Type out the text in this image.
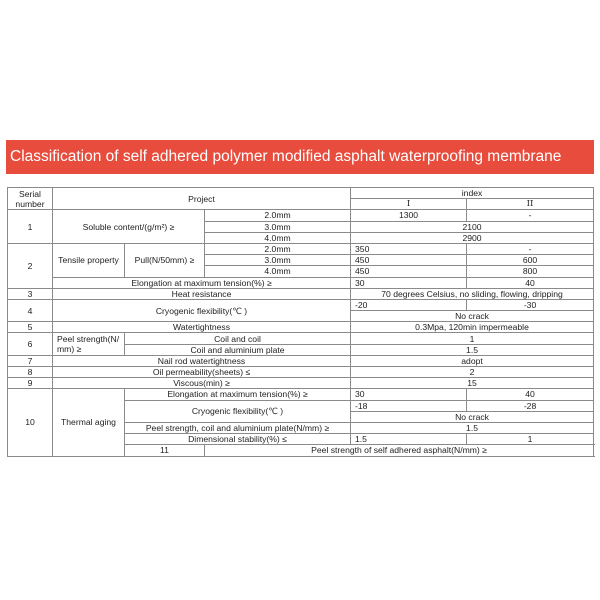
Classification of self adhered polymer modified asphalt waterproofing membrane
Serial number	Project			index		
				I	II	
1	Soluble content/(g/m²) ≥		2.0mm	1300	-	
			3.0mm	2100		
			4.0mm	2900		
2	Tensile property	Pull(N/50mm) ≥	2.0mm	350	-	
			3.0mm	450	600	
			4.0mm	450	800	
	Elongation at maximum tension(%) ≥			30	40	
3	Heat resistance			70 degrees Celsius, no sliding, flowing, dripping		
4	Cryogenic flexibility(℃ )			-20	-30	
				No crack		
5	Watertightness			0.3Mpa, 120min impermeable		
6	Peel strength(N/ mm) ≥	Coil and coil		1		
		Coil and aluminium plate		1.5		
7	Nail rod watertightness			adopt		
8	Oil permeability(sheets) ≤			2		
9	Viscous(min) ≥			15		
10	Thermal aging	Elongation at maximum tension(%) ≥		30	40	
		Cryogenic flexibility(℃ )		-18	-28	
				No crack		
		Peel strength, coil and aluminium plate(N/mm) ≥		1.5		
		Dimensional stability(%) ≤		1.5	1	
		11	Peel strength of self adhered asphalt(N/mm) ≥	
